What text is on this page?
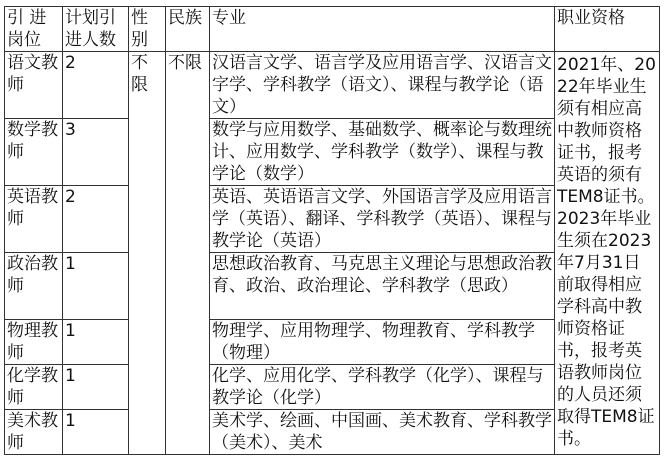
引 进岗位	计划引进人数	性别	民族	专业	职业资格
语文教师	2	不限	不限	汉语言文学、语言学及应用语言学、汉语言文字学、学科教学（语文）、课程与教学论（语文）	2021年、2022年毕业生须有相应高中教师资格证书，报考英语的须有 TEM8证书。 2023年毕业生须在2023年7月31日前取得相应学科高中教师资格证书，报考英语教师岗位的人员还须取得TEM8证书。
数学教师	3			数学与应用数学、基础数学、概率论与数理统计、应用数学、学科教学（数学）、课程与教学论（数学）	
英语教师	2			英语、英语语言文学、外国语言学及应用语言学（英语）、翻译、学科教学（英语）、课程与教学论（英语）	
政治教师	1			思想政治教育、马克思主义理论与思想政治教育、政治、政治理论、学科教学（思政）	
物理教师	1			物理学、应用物理学、物理教育、学科教学（物理）	
化学教师	1			化学、应用化学、学科教学（化学）、课程与教学论（化学）	
美术教师	1			美术学、绘画、中国画、美术教育、学科教学（美术）、美术	
